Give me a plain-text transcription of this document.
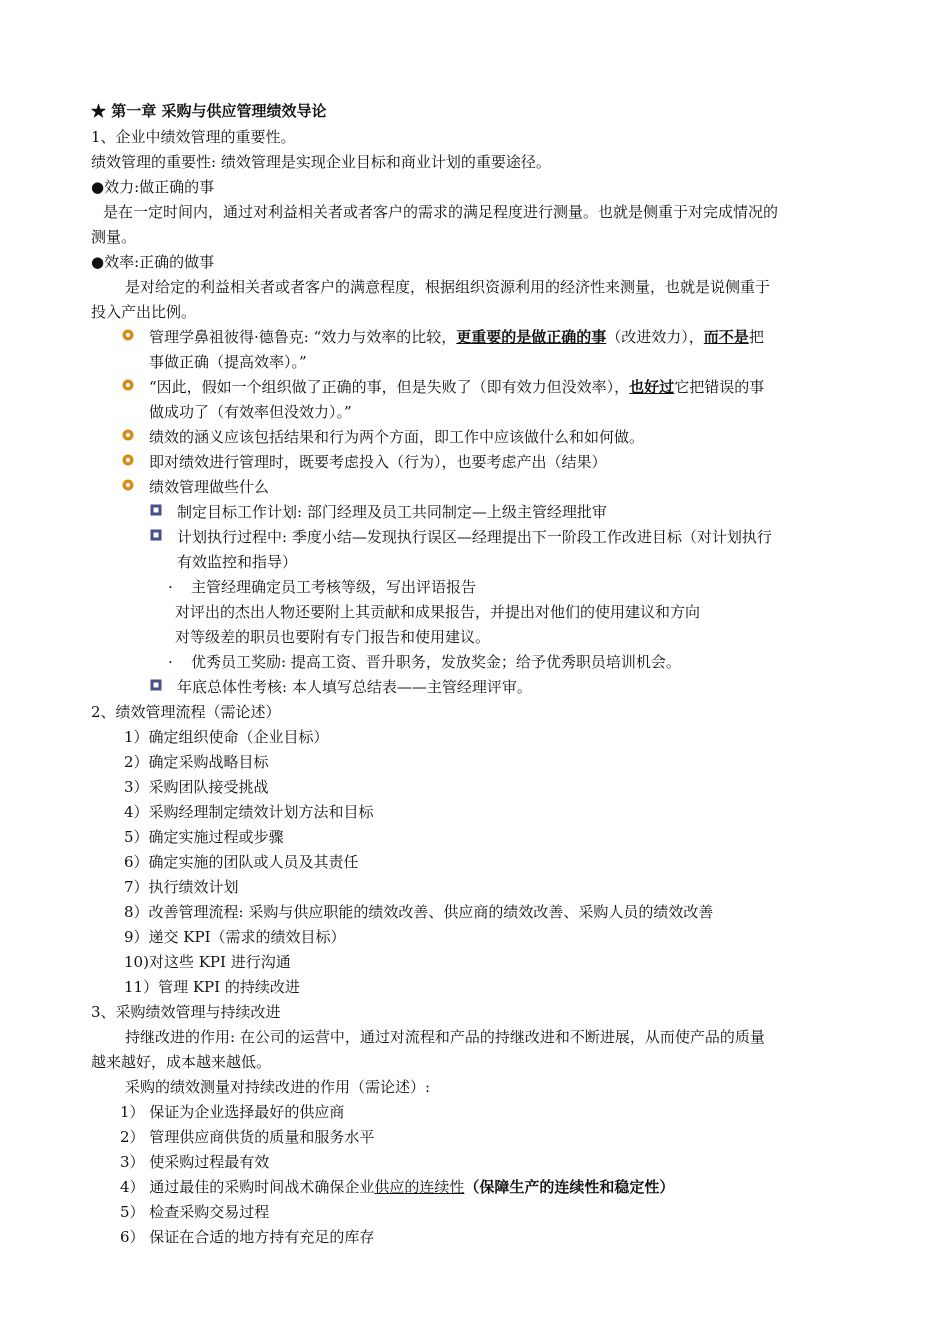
★ 第一章 采购与供应管理绩效导论
1、企业中绩效管理的重要性。
绩效管理的重要性: 绩效管理是实现企业目标和商业计划的重要途径。
●效力:做正确的事
是在一定时间内，通过对利益相关者或者客户的需求的满足程度进行测量。也就是侧重于对完成情况的
测量。
●效率:正确的做事
是对给定的利益相关者或者客户的满意程度，根据组织资源利用的经济性来测量，也就是说侧重于
投入产出比例。
管理学鼻祖彼得·德鲁克: “效力与效率的比较，更重要的是做正确的事（改进效力），而不是把
事做正确（提高效率）。”
“因此，假如一个组织做了正确的事，但是失败了（即有效力但没效率），也好过它把错误的事
做成功了（有效率但没效力）。”
绩效的涵义应该包括结果和行为两个方面，即工作中应该做什么和如何做。
即对绩效进行管理时，既要考虑投入（行为），也要考虑产出（结果）
绩效管理做些什么
制定目标工作计划: 部门经理及员工共同制定—上级主管经理批审
计划执行过程中: 季度小结—发现执行误区—经理提出下一阶段工作改进目标（对计划执行
有效监控和指导）
· 主管经理确定员工考核等级，写出评语报告
对评出的杰出人物还要附上其贡献和成果报告，并提出对他们的使用建议和方向
对等级差的职员也要附有专门报告和使用建议。
· 优秀员工奖励: 提高工资、晋升职务，发放奖金；给予优秀职员培训机会。
年底总体性考核: 本人填写总结表——主管经理评审。
2、绩效管理流程（需论述）
1）确定组织使命（企业目标）
2）确定采购战略目标
3）采购团队接受挑战
4）采购经理制定绩效计划方法和目标
5）确定实施过程或步骤
6）确定实施的团队或人员及其责任
7）执行绩效计划
8）改善管理流程: 采购与供应职能的绩效改善、供应商的绩效改善、采购人员的绩效改善
9）递交 KPI（需求的绩效目标）
10)对这些 KPI 进行沟通
11）管理 KPI 的持续改进
3、采购绩效管理与持续改进
持继改进的作用: 在公司的运营中，通过对流程和产品的持继改进和不断进展，从而使产品的质量
越来越好，成本越来越低。
采购的绩效测量对持续改进的作用（需论述）:
1） 保证为企业选择最好的供应商
2） 管理供应商供货的质量和服务水平
3） 使采购过程最有效
4） 通过最佳的采购时间战术确保企业供应的连续性（保障生产的连续性和稳定性）
5） 检查采购交易过程
6） 保证在合适的地方持有充足的库存
